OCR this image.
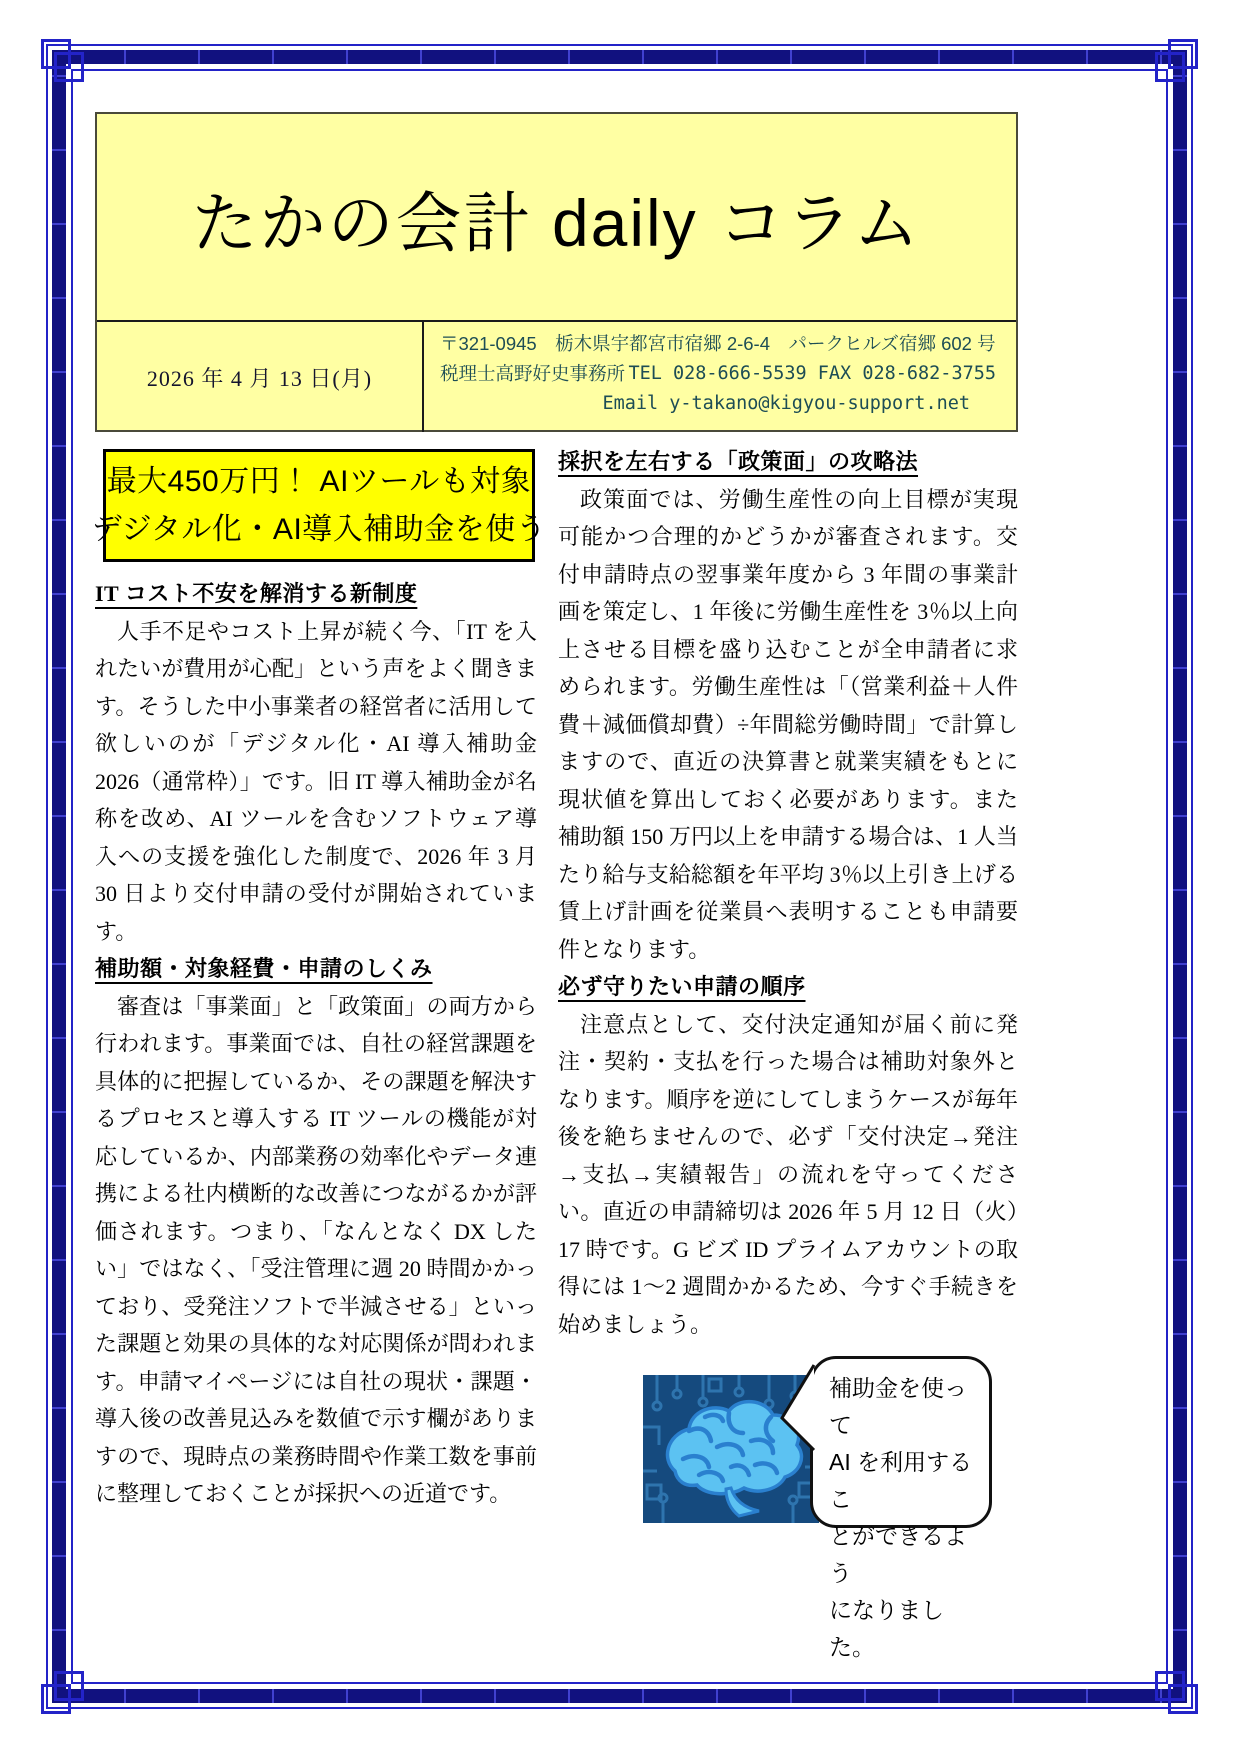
たかの会計 daily コラム
2026 年 4 月 13 日(月)
〒321-0945　栃木県宇都宮市宿郷 2-6-4　パークヒルズ宿郷 602 号
税理士高野好史事務所 TEL 028-666-5539 FAX 028-682-3755
Email y-takano@kigyou-support.net
最大450万円！ AIツールも対象
デジタル化・AI導入補助金を使う
IT コスト不安を解消する新制度

人手不足やコスト上昇が続く今、「IT を入れたいが費用が心配」という声をよく聞きます。そうした中小事業者の経営者に活用して欲しいのが「デジタル化・AI 導入補助金 2026（通常枠）」です。旧 IT 導入補助金が名称を改め、AI ツールを含むソフトウェア導入への支援を強化した制度で、2026 年 3 月 30 日より交付申請の受付が開始されています。

補助額・対象経費・申請のしくみ

審査は「事業面」と「政策面」の両方から行われます。事業面では、自社の経営課題を具体的に把握しているか、その課題を解決するプロセスと導入する IT ツールの機能が対応しているか、内部業務の効率化やデータ連携による社内横断的な改善につながるかが評価されます。つまり、「なんとなく DX したい」ではなく、「受注管理に週 20 時間かかっており、受発注ソフトで半減させる」といった課題と効果の具体的な対応関係が問われます。申請マイページには自社の現状・課題・導入後の改善見込みを数値で示す欄がありますので、現時点の業務時間や作業工数を事前に整理しておくことが採択への近道です。

採択を左右する「政策面」の攻略法

政策面では、労働生産性の向上目標が実現可能かつ合理的かどうかが審査されます。交付申請時点の翌事業年度から 3 年間の事業計画を策定し、1 年後に労働生産性を 3％以上向上させる目標を盛り込むことが全申請者に求められます。労働生産性は「（営業利益＋人件費＋減価償却費）÷年間総労働時間」で計算しますので、直近の決算書と就業実績をもとに現状値を算出しておく必要があります。また補助額 150 万円以上を申請する場合は、1 人当たり給与支給総額を年平均 3％以上引き上げる賃上げ計画を従業員へ表明することも申請要件となります。

必ず守りたい申請の順序

注意点として、交付決定通知が届く前に発注・契約・支払を行った場合は補助対象外となります。順序を逆にしてしまうケースが毎年後を絶ちませんので、必ず「交付決定→発注→支払→実績報告」の流れを守ってください。直近の申請締切は 2026 年 5 月 12 日（火）17 時です。G ビズ ID プライムアカウントの取得には 1～2 週間かかるため、今すぐ手続きを始めましょう。

補助金を使って
AI を利用するこ
とができるよう
になりました。
